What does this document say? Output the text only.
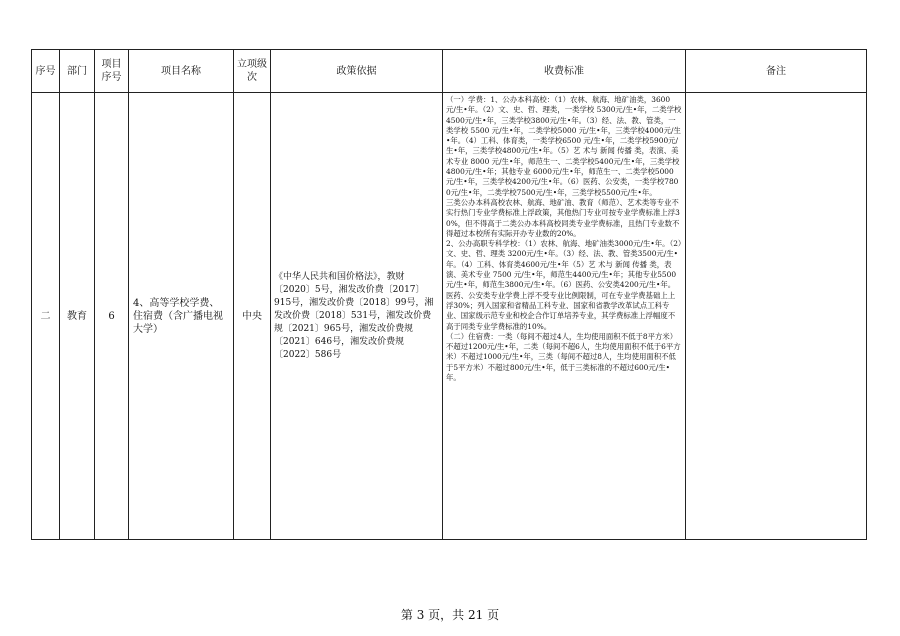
序号	部门	项目序号	项目名称	立项级次	政策依据	收费标准	备注
二	教育	6	4、高等学校学费、住宿费（含广播电视大学）	中央	《中华人民共和国价格法》，教财〔2020〕5号，湘发改价费〔2017〕915号，湘发改价费〔2018〕99号，湘发改价费〔2018〕531号，湘发改价费规〔2021〕965号，湘发改价费规〔2021〕646号，湘发改价费规〔2022〕586号	（一）学费：1、公办本科高校：（1）农林、航海、地矿油类，3600 元/生•年。（2）文、史、哲、理类，一类学校 5300元/生•年，二类学校4500元/生•年，三类学校3800元/生•年。（3）经、法、教、管类，一类学校 5500 元/生•年，二类学校5000 元/生•年，三类学校4000元/生•年。（4）工科、体育类，一类学校6500 元/生•年，二类学校5900元/生•年，三类学校4800元/生•年。（5）艺 术与 新闻 传播 类，表演、美术专业 8000 元/生•年，师范生一、二类学校5400元/生•年，三类学校4800元/生•年；其他专业 6000元/生•年，师范生一、二类学校5000元/生•年，三类学校4200元/生•年。（6）医药、公安类，一类学校7800元/生•年，二类学校7500元/生•年，三类学校5500元/生•年。　　　　　　　　　　　三类公办本科高校农林、航海、地矿油、教育（师范）、艺术类等专业不实行热门专业学费标准上浮政策，其他热门专业可按专业学费标准上浮30%，但不得高于二类公办本科高校同类专业学费标准，且热门专业数不得超过本校所有实际开办专业数的20%。
2、公办高职专科学校：（1）农林、航海、地矿油类3000元/生•年。（2）文、史、哲、理类 3200元/生•年。（3）经、法、教、管类3500元/生•年。（4）工科、体育类4600元/生•年（5）艺 术与 新闻 传播 类，表演、美术专业 7500 元/生•年，师范生4400元/生•年；其他专业5500元/生•年，师范生3800元/生•年。（6）医药、公安类4200元/生•年。
医药、公安类专业学费上浮不受专业比例限制，可在专业学费基础上上浮30%；列入国家和省精品工科专业、国家和省教学改革试点工科专业、国家级示范专业和校企合作订单培养专业，其学费标准上浮幅度不高于同类专业学费标准的10%。
（二）住宿费：一类（每间不超过4人，生均使用面积不低于8平方米）不超过1200元/生•年，二类（每间不超6人，生均使用面积不低于6平方米）不超过1000元/生•年，三类（每间不超过8人，生均使用面积不低于5平方米）不超过800元/生•年，低于三类标准的不超过600元/生•年。	
第 3 页，共 21 页
